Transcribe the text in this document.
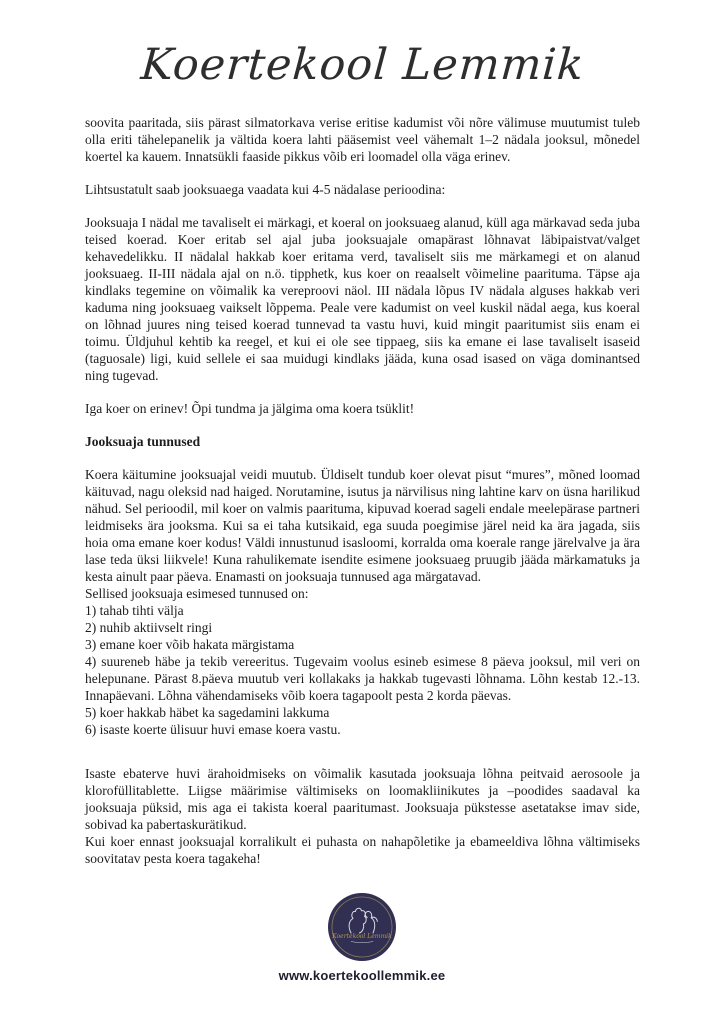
Koertekool Lemmik

soovita paaritada, siis pärast silmatorkava verise eritise kadumist või nõre välimuse muutumist tuleb olla eriti tähelepanelik ja vältida koera lahti pääsemist veel vähemalt 1–2 nädala jooksul, mõnedel koertel ka kauem. Innatsükli faaside pikkus võib eri loomadel olla väga erinev.

Lihtsustatult saab jooksuaega vaadata kui 4-5 nädalase perioodina:

Jooksuaja I nädal me tavaliselt ei märkagi, et koeral on jooksuaeg alanud, küll aga märkavad seda juba teised koerad. Koer eritab sel ajal juba jooksuajale omapärast lõhnavat läbipaistvat/valget kehavedelikku. II nädalal hakkab koer eritama verd, tavaliselt siis me märkamegi et on alanud jooksuaeg. II-III nädala ajal on n.ö. tipphetk, kus koer on reaalselt võimeline paarituma. Täpse aja kindlaks tegemine on võimalik ka vereproovi näol. III nädala lõpus IV nädala alguses hakkab veri kaduma ning jooksuaeg vaikselt lõppema. Peale vere kadumist on veel kuskil nädal aega, kus koeral on lõhnad juures ning teised koerad tunnevad ta vastu huvi, kuid mingit paaritumist siis enam ei toimu. Üldjuhul kehtib ka reegel, et kui ei ole see tippaeg, siis ka emane ei lase tavaliselt isaseid (taguosale) ligi, kuid sellele ei saa muidugi kindlaks jääda, kuna osad isased on väga dominantsed ning tugevad.

Iga koer on erinev! Õpi tundma ja jälgima oma koera tsüklit!

Jooksuaja tunnused

Koera käitumine jooksuajal veidi muutub. Üldiselt tundub koer olevat pisut “mures”, mõned loomad käituvad, nagu oleksid nad haiged. Norutamine, isutus ja närvilisus ning lahtine karv on üsna harilikud nähud. Sel perioodil, mil koer on valmis paarituma, kipuvad koerad sageli endale meelepärase partneri leidmiseks ära jooksma. Kui sa ei taha kutsikaid, ega suuda poegimise järel neid ka ära jagada, siis hoia oma emane koer kodus! Väldi innustunud isasloomi, korralda oma koerale range järelvalve ja ära lase teda üksi liikvele! Kuna rahulikemate isendite esimene jooksuaeg pruugib jääda märkamatuks ja kesta ainult paar päeva. Enamasti on jooksuaja tunnused aga märgatavad.

Sellised jooksuaja esimesed tunnused on:

1) tahab tihti välja

2) nuhib aktiivselt ringi

3) emane koer võib hakata märgistama

4) suureneb häbe ja tekib vereeritus. Tugevaim voolus esineb esimese 8 päeva jooksul, mil veri on helepunane. Pärast 8.päeva muutub veri kollakaks ja hakkab tugevasti lõhnama. Lõhn kestab 12.-13. Innapäevani. Lõhna vähendamiseks võib koera tagapoolt pesta 2 korda päevas.

5) koer hakkab häbet ka sagedamini lakkuma

6) isaste koerte ülisuur huvi emase koera vastu.

Isaste ebaterve huvi ärahoidmiseks on võimalik kasutada jooksuaja lõhna peitvaid aerosoole ja klorofüllitablette. Liigse määrimise vältimiseks on loomakliinikutes ja –poodides saadaval ka jooksuaja püksid, mis aga ei takista koeral paaritumast. Jooksuaja pükstesse asetatakse imav side, sobivad ka pabertaskurätikud.

Kui koer ennast jooksuajal korralikult ei puhasta on nahapõletike ja ebameeldiva lõhna vältimiseks soovitatav pesta koera tagakeha!

Koertekool Lemmik
www.koertekoollemmik.ee
